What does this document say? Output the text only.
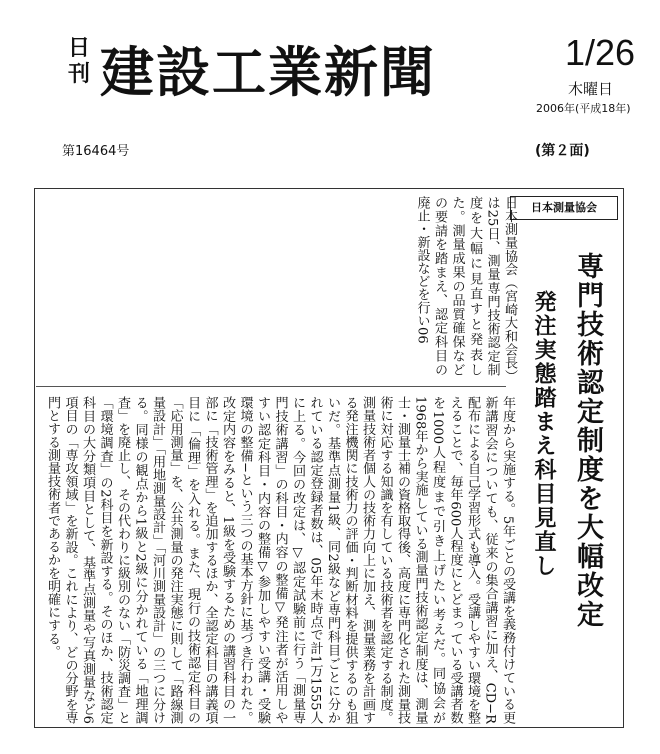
日刊 建設工業新聞	1/26
木曜日
2006年(平成18年)
第16464号	(第２面)
日本測量協会
専門技術認定制度を大幅改定
発注実態踏まえ科目見直し
日本測量協会（宮崎大和会長）は25日、測量専門技術認定制度を大幅に見直すと発表した。測量成果の品質確保などの要請を踏まえ、認定科目の廃止・新設などを行い06
年度から実施する。5年ごとの受講を義務付けている更新講習会についても、従来の集合講習に加え、CD−R配布による自己学習形式も導入。受講しやすい環境を整えることで、毎年600人程度にとどまっている受講者数を1000人程度まで引き上げたい考えだ。同協会が1968年から実施している測量門技術認定制度は、測量士・測量士補の資格取得後、高度に専門化された測量技術に対応する知識を有している技術者を認定する制度。測量技術者個人の技術力向上に加え、測量業務を計画する発注機関に技術力の評価・判断材料を提供するのも狙いだ。基準点測量1級、同2級など専門科目ごとに分かれている認定登録者数は、05年末時点で計1万1555人に上る。今回の改定は、▽認定試験前に行う「測量専門技術講習」の科目・内容の整備▽発注者が活用しやすい認定科目・内容の整備▽参加しやすい受講・受験環境の整備−という三つの基本方針に基づき行われた。改定内容をみると、1級を受験するための講習科目の一部に「技術管理」を追加するほか、全認定科目の講義項目に「倫理」を入れる。また、現行の技術認定科目の「応用測量」を、公共測量の発注実態に則して「路線測量設計」「用地測量設計」「河川測量設計」の三つに分ける。同様の観点から1級と2級に分かれている「地理調査」を廃止し、その代わりに級別のない「防災調査」と「環境調査」の2科目を新設する。そのほか、技術認定科目の大分類項目として、基準点測量や写真測量など6項目の「専攻領域」を新設。これにより、どの分野を専門とする測量技術者であるかを明確にする。
